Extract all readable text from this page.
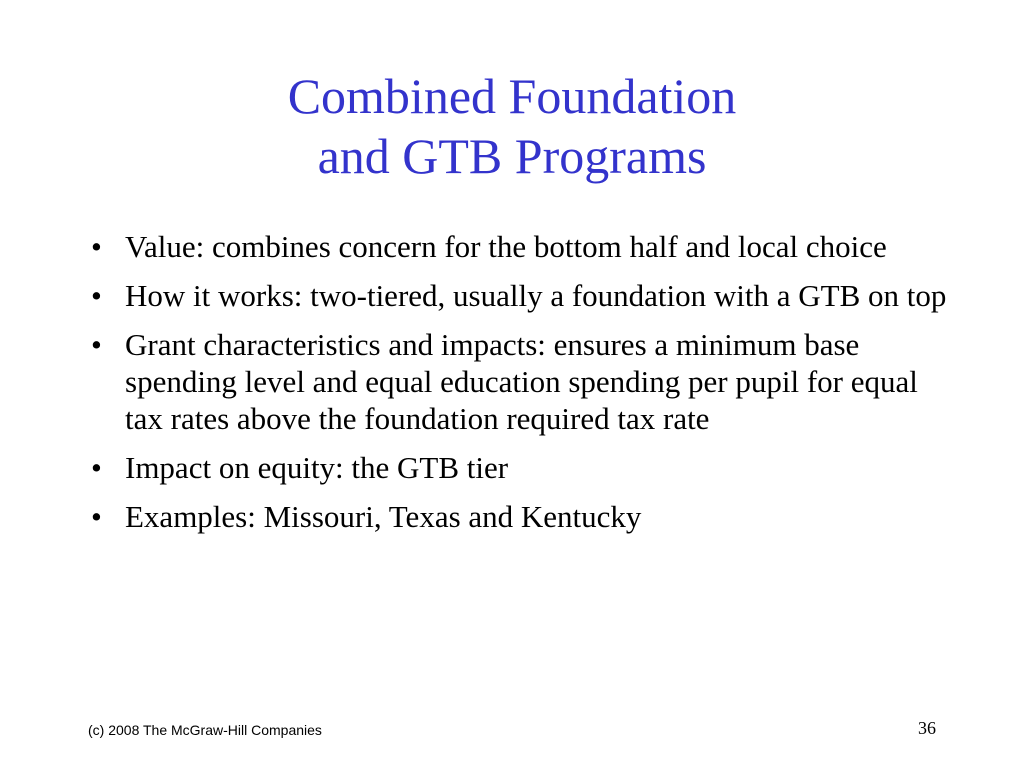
Combined Foundation
and GTB Programs
• Value: combines concern for the bottom half and local choice
• How it works: two-tiered, usually a foundation with a GTB on top
• Grant characteristics and impacts: ensures a minimum base spending level and equal education spending per pupil for equal tax rates above the foundation required tax rate
• Impact on equity: the GTB tier
• Examples: Missouri, Texas and Kentucky
(c) 2008 The McGraw-Hill Companies	36
